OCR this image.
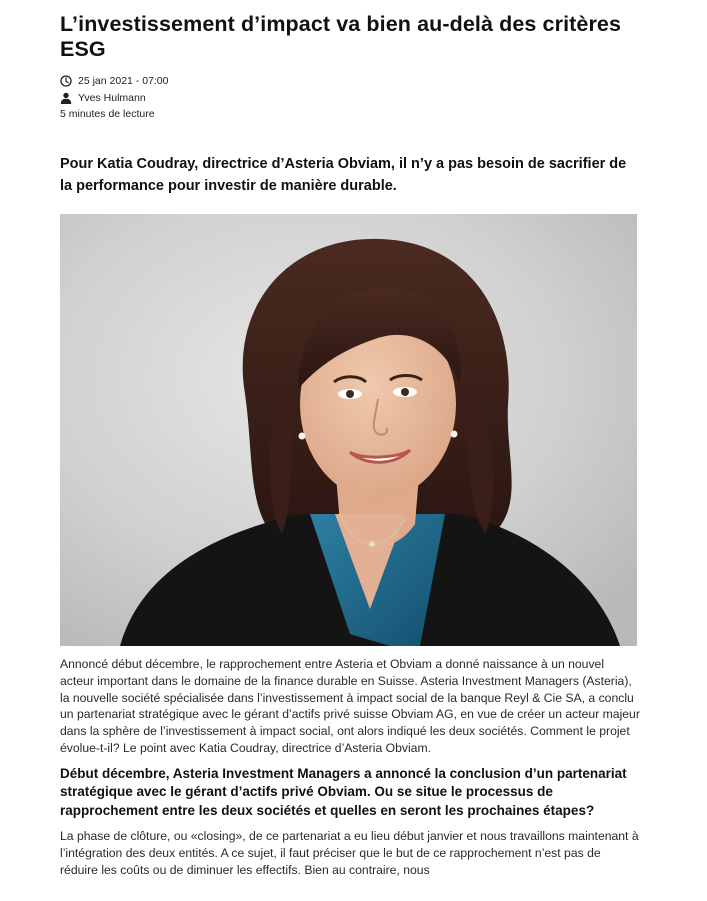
L’investissement d’impact va bien au-delà des critères ESG
25 jan 2021 - 07:00
Yves Hulmann
5 minutes de lecture

Pour Katia Coudray, directrice d’Asteria Obviam, il n’y a pas besoin de sacrifier de la performance pour investir de manière durable.

Annoncé début décembre, le rapprochement entre Asteria et Obviam a donné naissance à un nouvel acteur important dans le domaine de la finance durable en Suisse. Asteria Investment Managers (Asteria), la nouvelle société spécialisée dans l’investissement à impact social de la banque Reyl & Cie SA, a conclu un partenariat stratégique avec le gérant d’actifs privé suisse Obviam AG, en vue de créer un acteur majeur dans la sphère de l’investissement à impact social, ont alors indiqué les deux sociétés. Comment le projet évolue-t-il? Le point avec Katia Coudray, directrice d’Asteria Obviam.

Début décembre, Asteria Investment Managers a annoncé la conclusion d’un partenariat stratégique avec le gérant d’actifs privé Obviam. Ou se situe le processus de rapprochement entre les deux sociétés et quelles en seront les prochaines étapes?

La phase de clôture, ou «closing», de ce partenariat a eu lieu début janvier et nous travaillons maintenant à l’intégration des deux entités. A ce sujet, il faut préciser que le but de ce rapprochement n’est pas de réduire les coûts ou de diminuer les effectifs. Bien au contraire, nous
